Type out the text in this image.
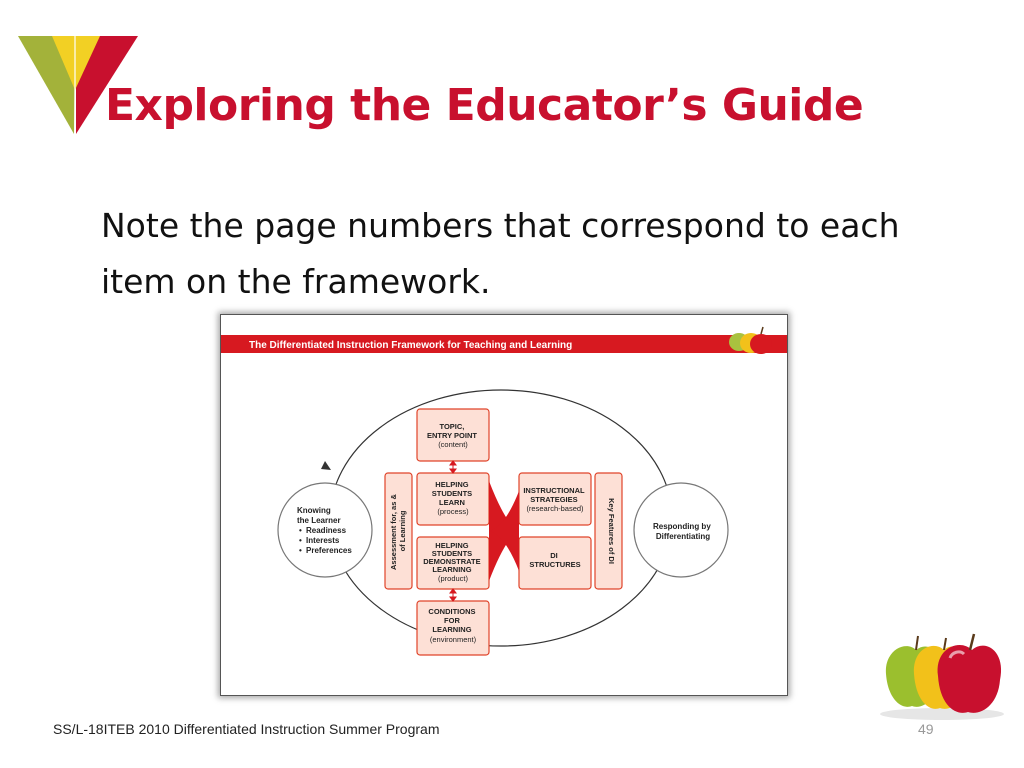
Exploring the Educator’s Guide

Note the page numbers that correspond to each item on the framework.

The Differentiated Instruction Framework for Teaching and Learning
Knowing the Learner
• Readiness • Interests • Preferences
Responding by Differentiating
Assessment for, as & of Learning	Key Features of DI
TOPIC, ENTRY POINT (content)
HELPING STUDENTS LEARN (process)
HELPING STUDENTS DEMONSTRATE LEARNING (product)
CONDITIONS FOR LEARNING (environment)
INSTRUCTIONAL STRATEGIES (research-based)
DI STRUCTURES
SS/L-18ITEB 2010 Differentiated Instruction Summer Program	49
